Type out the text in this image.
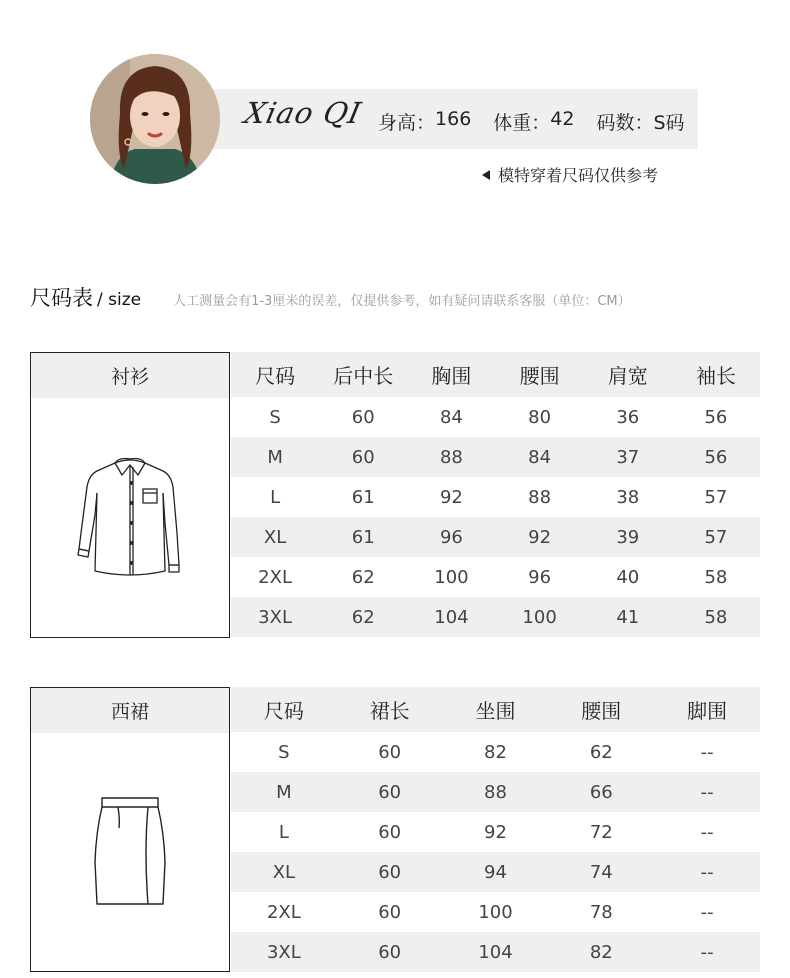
Xiao QI 身高： 166 体重： 42 码数： S码
模特穿着尺码仅供参考
尺码表 / size 人工测量会有1-3厘米的误差，仅提供参考，如有疑问请联系客服（单位：CM）
衬衫	尺码	后中长	胸围	腰围	肩宽	袖长
S	60	84	80	36	56
M	60	88	84	37	56
L	61	92	88	38	57
XL	61	96	92	39	57
2XL	62	100	96	40	58
3XL	62	104	100	41	58
西裙	尺码	裙长	坐围	腰围	脚围
S	60	82	62	--
M	60	88	66	--
L	60	92	72	--
XL	60	94	74	--
2XL	60	100	78	--
3XL	60	104	82	--
